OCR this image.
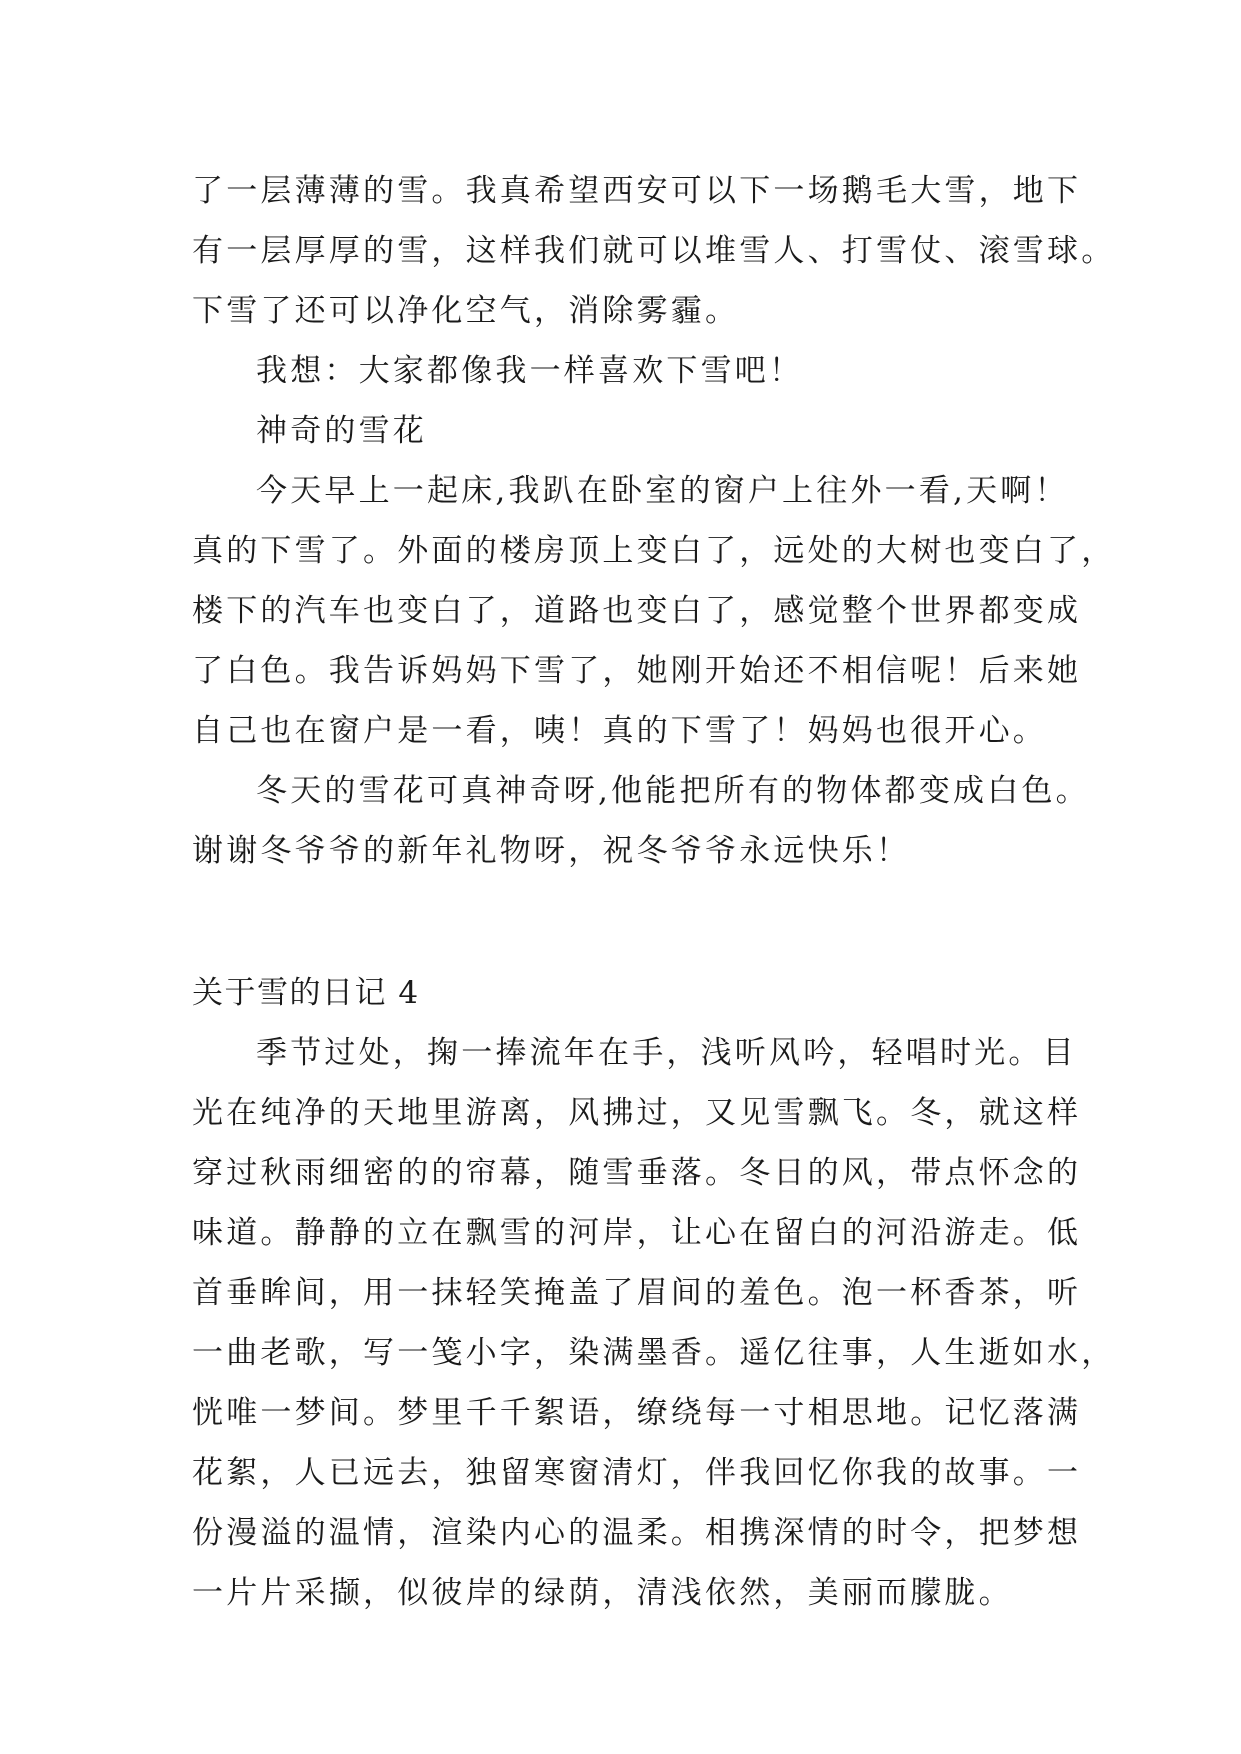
了一层薄薄的雪。我真希望西安可以下一场鹅毛大雪，地下
有一层厚厚的雪，这样我们就可以堆雪人、打雪仗、滚雪球。
下雪了还可以净化空气，消除雾霾。
我想：大家都像我一样喜欢下雪吧！
神奇的雪花
今天早上一起床,我趴在卧室的窗户上往外一看,天啊！
真的下雪了。外面的楼房顶上变白了，远处的大树也变白了，
楼下的汽车也变白了，道路也变白了，感觉整个世界都变成
了白色。我告诉妈妈下雪了，她刚开始还不相信呢！后来她
自己也在窗户是一看，咦！真的下雪了！妈妈也很开心。
冬天的雪花可真神奇呀,他能把所有的物体都变成白色。
谢谢冬爷爷的新年礼物呀，祝冬爷爷永远快乐！
关于雪的日记 4
季节过处，掬一捧流年在手，浅听风吟，轻唱时光。目
光在纯净的天地里游离，风拂过，又见雪飘飞。冬，就这样
穿过秋雨细密的的帘幕，随雪垂落。冬日的风，带点怀念的
味道。静静的立在飘雪的河岸，让心在留白的河沿游走。低
首垂眸间，用一抹轻笑掩盖了眉间的羞色。泡一杯香茶，听
一曲老歌，写一笺小字，染满墨香。遥亿往事，人生逝如水，
恍唯一梦间。梦里千千絮语，缭绕每一寸相思地。记忆落满
花絮，人已远去，独留寒窗清灯，伴我回忆你我的故事。一
份漫溢的温情，渲染内心的温柔。相携深情的时令，把梦想
一片片采撷，似彼岸的绿荫，清浅依然，美丽而朦胧。
